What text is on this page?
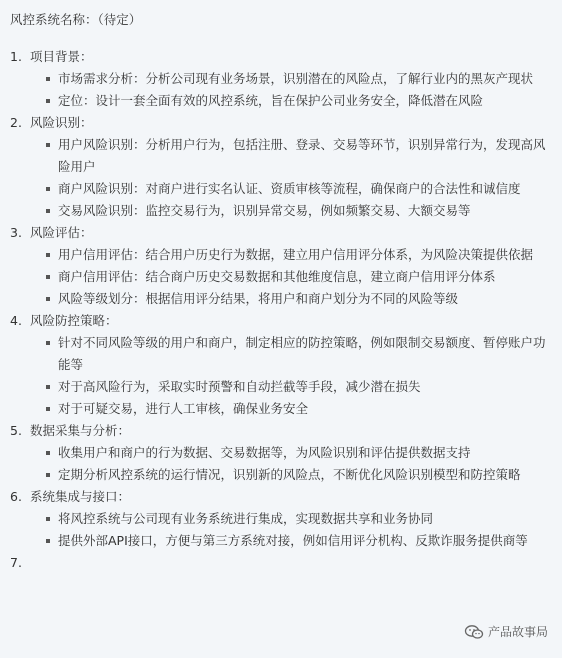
风控系统名称：（待定）
1. 项目背景：
市场需求分析：分析公司现有业务场景，识别潜在的风险点，了解行业内的黑灰产现状
定位：设计一套全面有效的风控系统，旨在保护公司业务安全，降低潜在风险
2. 风险识别：
用户风险识别：分析用户行为，包括注册、登录、交易等环节，识别异常行为，发现高风险用户
商户风险识别：对商户进行实名认证、资质审核等流程，确保商户的合法性和诚信度
交易风险识别：监控交易行为，识别异常交易，例如频繁交易、大额交易等
3. 风险评估：
用户信用评估：结合用户历史行为数据，建立用户信用评分体系，为风险决策提供依据
商户信用评估：结合商户历史交易数据和其他维度信息，建立商户信用评分体系
风险等级划分：根据信用评分结果，将用户和商户划分为不同的风险等级
4. 风险防控策略：
针对不同风险等级的用户和商户，制定相应的防控策略，例如限制交易额度、暂停账户功能等
对于高风险行为，采取实时预警和自动拦截等手段，减少潜在损失
对于可疑交易，进行人工审核，确保业务安全
5. 数据采集与分析：
收集用户和商户的行为数据、交易数据等，为风险识别和评估提供数据支持
定期分析风控系统的运行情况，识别新的风险点，不断优化风险识别模型和防控策略
6. 系统集成与接口：
将风控系统与公司现有业务系统进行集成，实现数据共享和业务协同
提供外部API接口，方便与第三方系统对接，例如信用评分机构、反欺诈服务提供商等
7.
产品故事局
